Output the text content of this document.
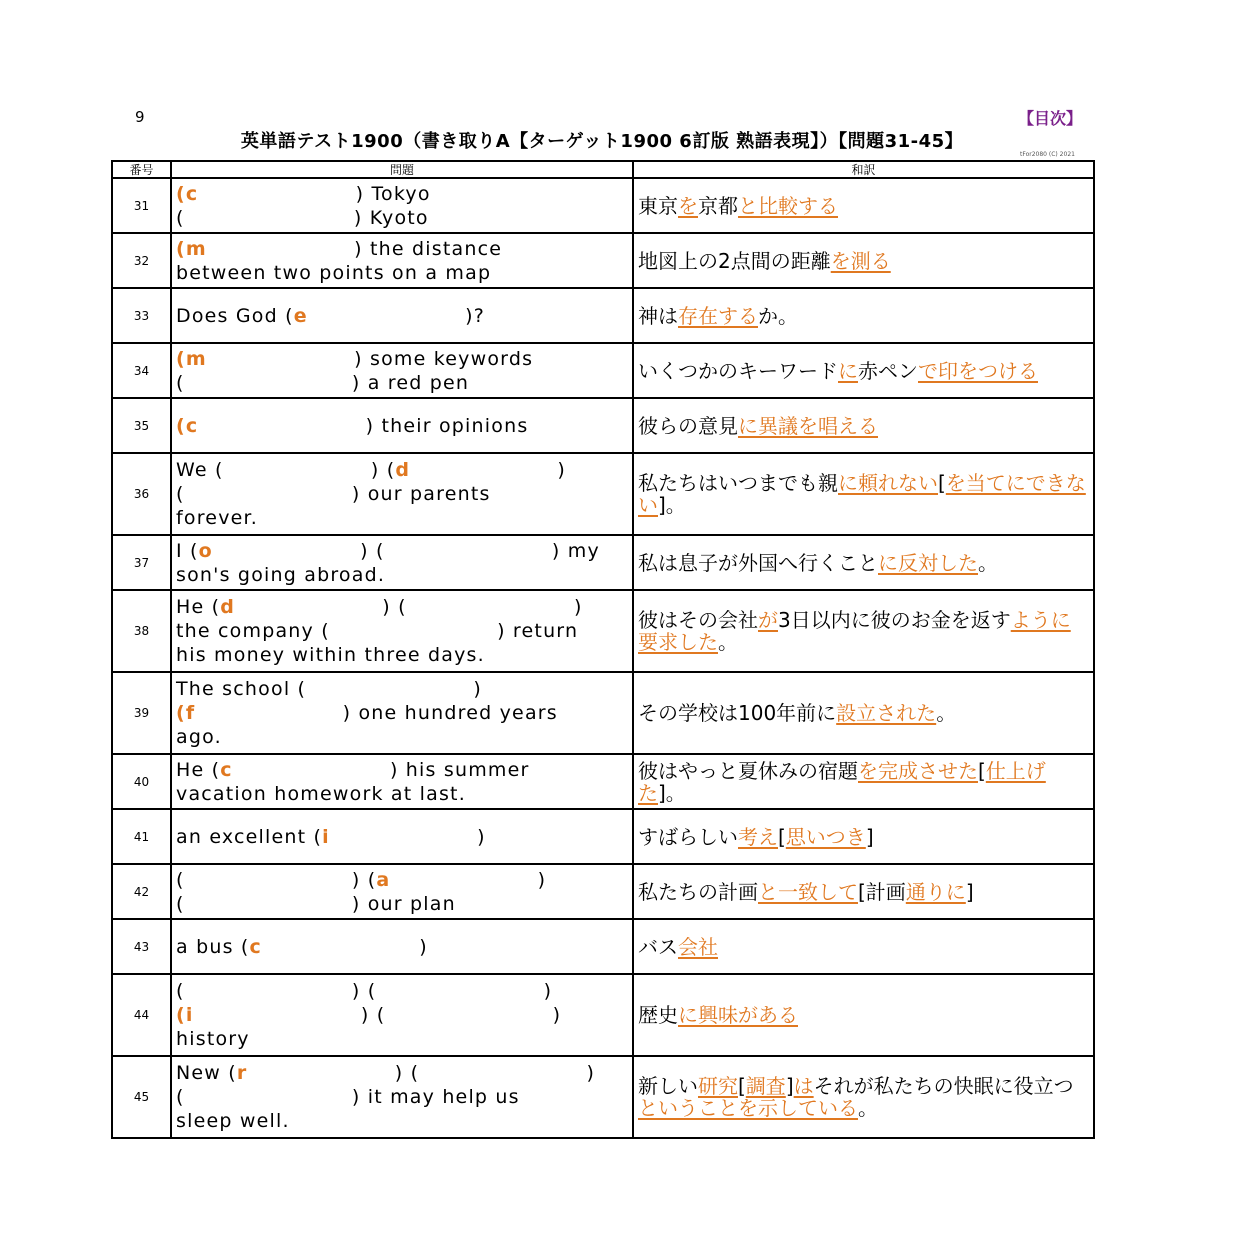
9	【目次】
英単語テスト1900（書き取りA【ターゲット1900 6訂版 熟語表現】）【問題31-45】
tFor2080 (C) 2021
番号	問題	和訳
31	(c ) Tokyo
( ) Kyoto	東京を京都と比較する
32	(m ) the distance
between two points on a map	地図上の2点間の距離を測る
33	Does God (e )?	神は存在するか。
34	(m ) some keywords
( ) a red pen	いくつかのキーワードに赤ペンで印をつける
35	(c ) their opinions	彼らの意見に異議を唱える
36	We ( ) (d )
( ) our parents
forever.	私たちはいつまでも親に頼れない[を当てにできない]。
37	I (o ) ( ) my
son's going abroad.	私は息子が外国へ行くことに反対した。
38	He (d ) ( )
the company ( ) return
his money within three days.	彼はその会社が3日以内に彼のお金を返すように要求した。
39	The school ( )
(f ) one hundred years
ago.	その学校は100年前に設立された。
40	He (c ) his summer
vacation homework at last.	彼はやっと夏休みの宿題を完成させた[仕上げた]。
41	an excellent (i )	すばらしい考え[思いつき]
42	( ) (a )
( ) our plan	私たちの計画と一致して[計画通りに]
43	a bus (c )	バス会社
44	( ) ( )
(i ) ( )
history	歴史に興味がある
45	New (r ) ( )
( ) it may help us
sleep well.	新しい研究[調査]はそれが私たちの快眠に役立つということを示している。
